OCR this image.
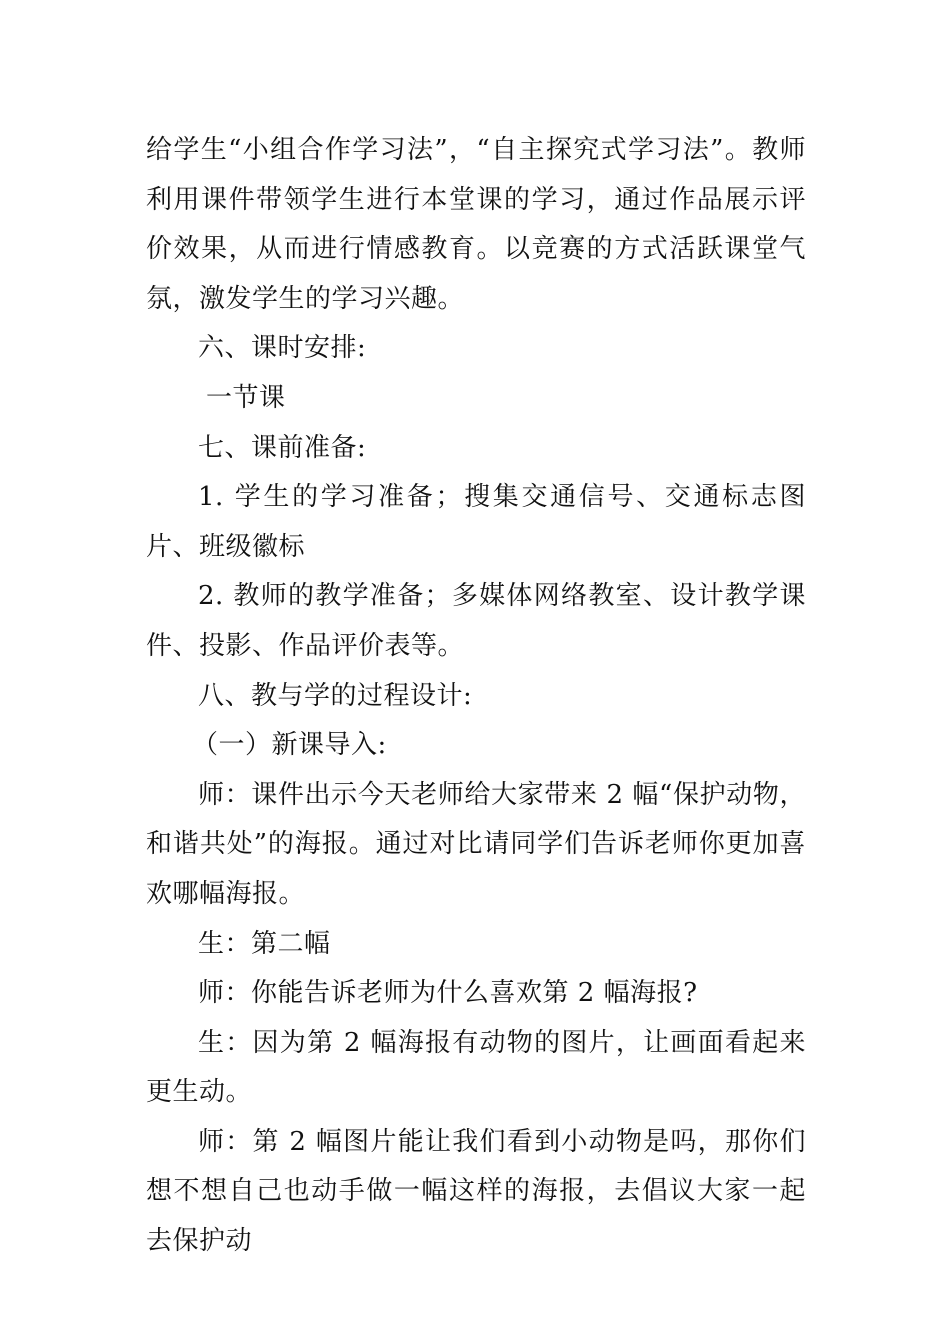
给学生“小组合作学习法”，“自主探究式学习法”。教师利用课件带领学生进行本堂课的学习，通过作品展示评价效果，从而进行情感教育。以竞赛的方式活跃课堂气氛，激发学生的学习兴趣。

六、课时安排:

一节课

七、课前准备:

1. 学生的学习准备；搜集交通信号、交通标志图片、班级徽标

2. 教师的教学准备；多媒体网络教室、设计教学课件、投影、作品评价表等。

八、教与学的过程设计:

（一）新课导入:

师：课件出示今天老师给大家带来 2 幅“保护动物，和谐共处”的海报。通过对比请同学们告诉老师你更加喜欢哪幅海报。

生：第二幅

师：你能告诉老师为什么喜欢第 2 幅海报?

生：因为第 2 幅海报有动物的图片，让画面看起来更生动。

师：第 2 幅图片能让我们看到小动物是吗，那你们想不想自己也动手做一幅这样的海报，去倡议大家一起去保护动
